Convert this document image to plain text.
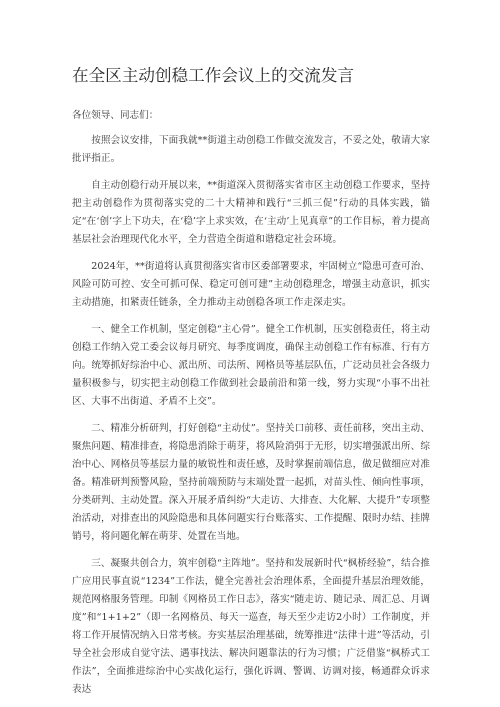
在全区主动创稳工作会议上的交流发言

各位领导、同志们：

按照会议安排，下面我就**街道主动创稳工作做交流发言，不妥之处，敬请大家批评指正。

自主动创稳行动开展以来，**街道深入贯彻落实省市区主动创稳工作要求，坚持把主动创稳作为贯彻落实党的二十大精神和践行“三抓三促”行动的具体实践，锚定“在‘创’字上下功夫，在‘稳’字上求实效，在‘主动’上见真章”的工作目标，着力提高基层社会治理现代化水平，全力营造全街道和谐稳定社会环境。

2024年，**街道将认真贯彻落实省市区委部署要求，牢固树立“隐患可查可治、风险可防可控、安全可抓可保、稳定可创可建”主动创稳理念，增强主动意识，抓实主动措施，扣紧责任链条，全力推动主动创稳各项工作走深走实。

一、健全工作机制，坚定创稳“主心骨”。健全工作机制，压实创稳责任，将主动创稳工作纳入党工委会议每月研究、每季度调度，确保主动创稳工作有标准、行有方向。统筹抓好综治中心、派出所、司法所、网格员等基层队伍，广泛动员社会各级力量积极参与，切实把主动创稳工作做到社会最前沿和第一线，努力实现“小事不出社区、大事不出街道、矛盾不上交”。

二、精准分析研判，打好创稳“主动仗”。坚持关口前移、责任前移，突出主动、聚焦问题、精准排查，将隐患消除于萌芽，将风险消弭于无形，切实增强派出所、综治中心、网格员等基层力量的敏锐性和责任感，及时掌握前端信息，做足做细应对准备。精准研判预警风险，坚持前端预防与末端处置一起抓，对苗头性、倾向性事项，分类研判、主动处置。深入开展矛盾纠纷“大走访、大排查、大化解、大提升”专项整治活动，对排查出的风险隐患和具体问题实行台账落实、工作提醒、限时办结、挂牌销号，将问题化解在萌芽、处置在当地。

三、凝聚共创合力，筑牢创稳“主阵地”。坚持和发展新时代“枫桥经验”，结合推广应用民事直说“1234”工作法，健全完善社会治理体系，全面提升基层治理效能，规范网格服务管理。印制《网格员工作日志》，落实“随走访、随记录、周汇总、月调度”和“1+1+2”（即一名网格员、每天一巡查，每天至少走访2小时）工作制度，并将工作开展情况纳入日常考核。夯实基层治理基础，统筹推进“法律十进”等活动，引导全社会形成自觉守法、遇事找法、解决问题靠法的行为习惯；广泛借鉴“枫桥式工作法”，全面推进综治中心实战化运行，强化诉调、警调、访调对接，畅通群众诉求表达
